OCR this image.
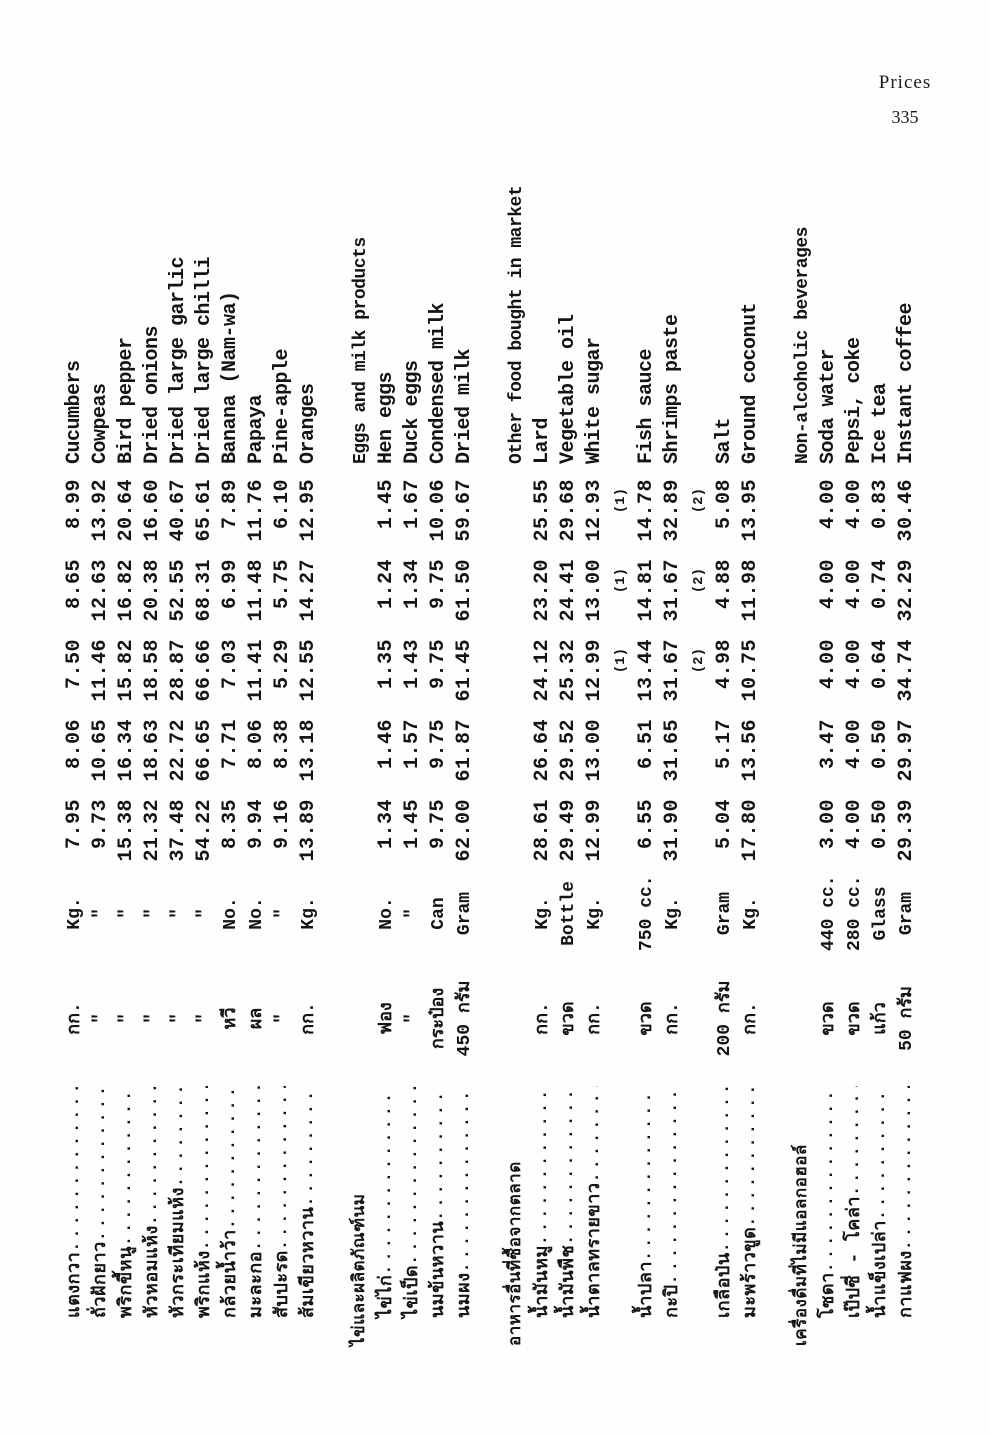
Prices
335
แตงกวา
.....
กก.
Kg.
7.95
8.06
7.50
8.65
8.99
Cucumbers
ถั่วฝักยาว
.....
"
"
9.73
10.65
11.46
12.63
13.92
Cowpeas
พริกขี้หนู
.....
"
"
15.38
16.34
15.82
16.82
20.64
Bird pepper
หัวหอมแห้ง
.....
"
"
21.32
18.63
18.58
20.38
16.60
Dried onions
หัวกระเทียมแห้ง
.....
"
"
37.48
22.72
28.87
52.55
40.67
Dried large garlic
พริกแห้ง
.....
"
"
54.22
66.65
66.66
68.31
65.61
Dried large chilli
กล้วยน้ำว้า
.....
หวี
No.
8.35
7.71
7.03
6.99
7.89
Banana (Nam-wa)
มะละกอ
.....
ผล
No.
9.94
8.06
11.41
11.48
11.76
Papaya
สับปะรด
.....
"
"
9.16
8.38
5.29
5.75
6.10
Pine-apple
ส้มเขียวหวาน
.....
กก.
Kg.
13.89
13.18
12.55
14.27
12.95
Oranges
ไข่และผลิตภัณฑ์นม
Eggs and milk products
ไข่ไก่
.....
ฟอง
No.
1.34
1.46
1.35
1.24
1.45
Hen eggs
ไข่เป็ด
.....
"
"
1.45
1.57
1.43
1.34
1.67
Duck eggs
นมข้นหวาน
.....
กระป๋อง
Can
9.75
9.75
9.75
9.75
10.06
Condensed milk
นมผง
.....
450 กรัม
Gram
62.00
61.87
61.45
61.50
59.67
Dried milk
อาหารอื่นที่ซื้อจากตลาด
Other food bought in market
น้ำมันหมู
.....
กก.
Kg.
28.61
26.64
24.12
23.20
25.55
Lard
น้ำมันพืช
.....
ขวด
Bottle
29.49
29.52
25.32
24.41
29.68
Vegetable oil
น้ำตาลทรายขาว
.....
กก.
Kg.
12.99
13.00
12.99
13.00
12.93
White sugar
(1)
(1)
(1)
น้ำปลา
.....
ขวด
750 cc.
6.55
6.51
13.44
14.81
14.78
Fish sauce
กะปิ
.....
กก.
Kg.
31.90
31.65
31.67
31.67
32.89
Shrimps paste
(2)
(2)
(2)
เกลือป่น
.....
200 กรัม
Gram
5.04
5.17
4.98
4.88
5.08
Salt
มะพร้าวขูด
.....
กก.
Kg.
17.80
13.56
10.75
11.98
13.95
Ground coconut
เครื่องดื่มที่ไม่มีแอลกอฮอล์
Non-alcoholic beverages
โซดา
.....
ขวด
440 cc.
3.00
3.47
4.00
4.00
4.00
Soda water
เป๊ปซี่ - โคล่า
.....
ขวด
280 cc.
4.00
4.00
4.00
4.00
4.00
Pepsi, coke
น้ำแข็งเปล่า
.....
แก้ว
Glass
0.50
0.50
0.64
0.74
0.83
Ice tea
กาแฟผง
.....
50 กรัม
Gram
29.39
29.97
34.74
32.29
30.46
Instant coffee
